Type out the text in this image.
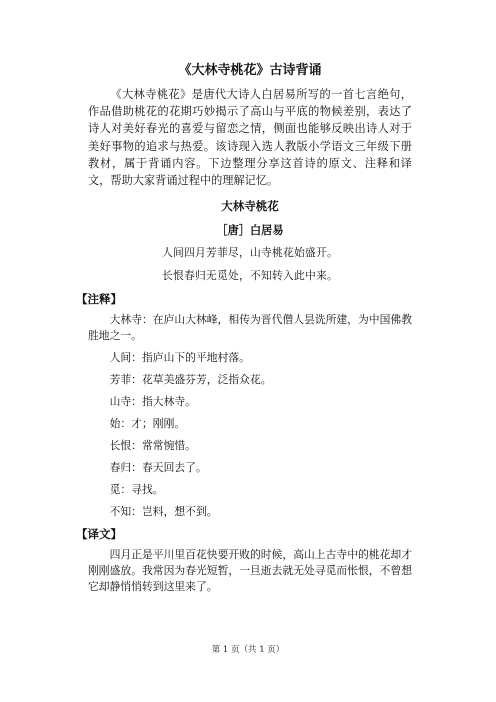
《大林寺桃花》古诗背诵

《大林寺桃花》是唐代大诗人白居易所写的一首七言绝句，作品借助桃花的花期巧妙揭示了高山与平底的物候差别，表达了诗人对美好春光的喜爱与留恋之情，侧面也能够反映出诗人对于美好事物的追求与热爱。该诗现入选人教版小学语文三年级下册教材，属于背诵内容。下边整理分享这首诗的原文、注释和译文，帮助大家背诵过程中的理解记忆。

大林寺桃花
［唐］白居易
人间四月芳菲尽，山寺桃花始盛开。
长恨春归无觅处，不知转入此中来。
【注释】

大林寺：在庐山大林峰，相传为晋代僧人昙诜所建，为中国佛教胜地之一。

人间：指庐山下的平地村落。

芳菲：花草美盛芬芳，泛指众花。

山寺：指大林寺。

始：才；刚刚。

长恨：常常惋惜。

春归：春天回去了。

觅：寻找。

不知：岂料，想不到。

【译文】

四月正是平川里百花快要开败的时候，高山上古寺中的桃花却才刚刚盛放。我常因为春光短暂，一旦逝去就无处寻觅而怅恨，不曾想它却静悄悄转到这里来了。

第 1 页（共 1 页）
